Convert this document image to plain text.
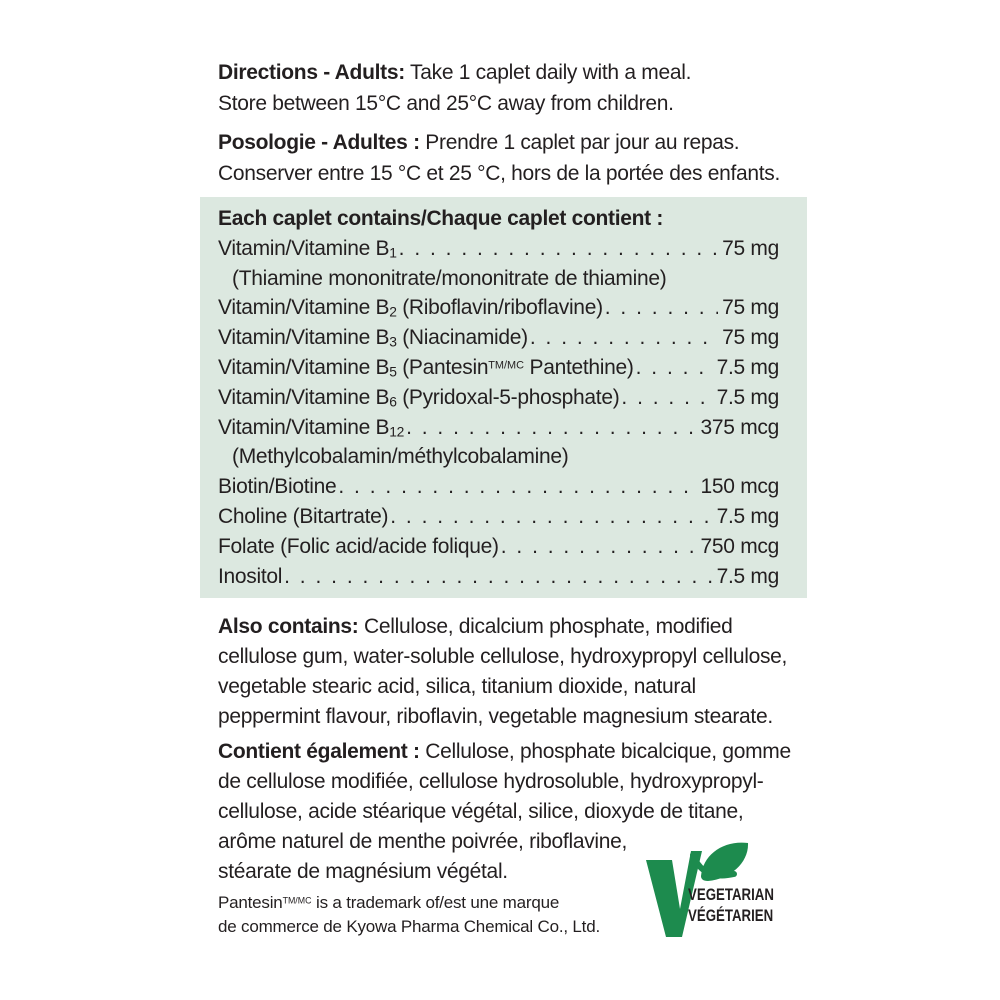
Directions - Adults: Take 1 caplet daily with a meal.
Store between 15°C and 25°C away from children.
Posologie - Adultes : Prendre 1 caplet par jour au repas.
Conserver entre 15 °C et 25 °C, hors de la portée des enfants.
Each caplet contains/Chaque caplet contient :
Vitamin/Vitamine $B_1$ . . .	75 mg
(Thiamine mononitrate/mononitrate de thiamine)
Vitamin/Vitamine $B_2$ (Riboflavin/riboflavine) . . .	75 mg
Vitamin/Vitamine $B_3$ (Niacinamide) . . .	75 mg
Vitamin/Vitamine $B_5$ (Pantesin$^{TM/MC}$ Pantethine) . . .	7.5 mg
Vitamin/Vitamine $B_6$ (Pyridoxal-5-phosphate) . . .	7.5 mg
Vitamin/Vitamine $B_{12}$ . . .	375 mcg
(Methylcobalamin/méthylcobalamine)
Biotin/Biotine . . .	150 mcg
Choline (Bitartrate) . . .	7.5 mg
Folate (Folic acid/acide folique) . . .	750 mcg
Inositol . . .	7.5 mg
Also contains: Cellulose, dicalcium phosphate, modified
cellulose gum, water-soluble cellulose, hydroxypropyl cellulose,
vegetable stearic acid, silica, titanium dioxide, natural
peppermint flavour, riboflavin, vegetable magnesium stearate.
Contient également : Cellulose, phosphate bicalcique, gomme
de cellulose modifiée, cellulose hydrosoluble, hydroxypropyl-
cellulose, acide stéarique végétal, silice, dioxyde de titane,
arôme naturel de menthe poivrée, riboflavine,
stéarate de magnésium végétal.
Pantesin$^{TM/MC}$ is a trademark of/est une marque
de commerce de Kyowa Pharma Chemical Co., Ltd.
VEGETARIAN
VÉGÉTARIEN
